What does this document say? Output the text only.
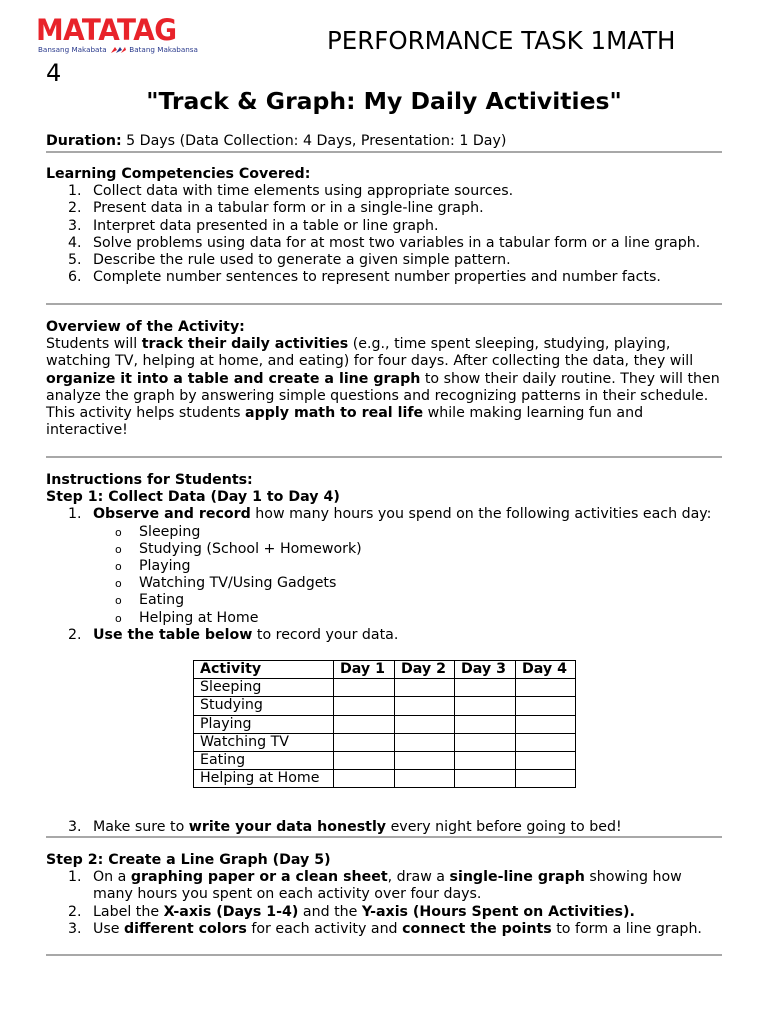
MATATAG
Bansang Makabata	Batang Makabansa	PERFORMANCE TASK 1MATH
4
"Track & Graph: My Daily Activities"
Duration: 5 Days (Data Collection: 4 Days, Presentation: 1 Day)

Learning Competencies Covered:

1. Collect data with time elements using appropriate sources.
2. Present data in a tabular form or in a single-line graph.
3. Interpret data presented in a table or line graph.
4. Solve problems using data for at most two variables in a tabular form or a line graph.
5. Describe the rule used to generate a given simple pattern.
6. Complete number sentences to represent number properties and number facts.

Overview of the Activity:

Students will track their daily activities (e.g., time spent sleeping, studying, playing, watching TV, helping at home, and eating) for four days. After collecting the data, they will organize it into a table and create a line graph to show their daily routine. They will then analyze the graph by answering simple questions and recognizing patterns in their schedule.

This activity helps students apply math to real life while making learning fun and interactive!

Instructions for Students:

Step 1: Collect Data (Day 1 to Day 4)

1. Observe and record how many hours you spend on the following activities each day:
o Sleeping
o Studying (School + Homework)
o Playing
o Watching TV/Using Gadgets
o Eating
o Helping at Home
2. Use the table below to record your data.
Activity	Day 1	Day 2	Day 3	Day 4
Sleeping				
Studying				
Playing				
Watching TV				
Eating				
Helping at Home				
3. Make sure to write your data honestly every night before going to bed!

Step 2: Create a Line Graph (Day 5)

1. On a graphing paper or a clean sheet, draw a single-line graph showing how many hours you spent on each activity over four days.
2. Label the X-axis (Days 1-4) and the Y-axis (Hours Spent on Activities).
3. Use different colors for each activity and connect the points to form a line graph.
